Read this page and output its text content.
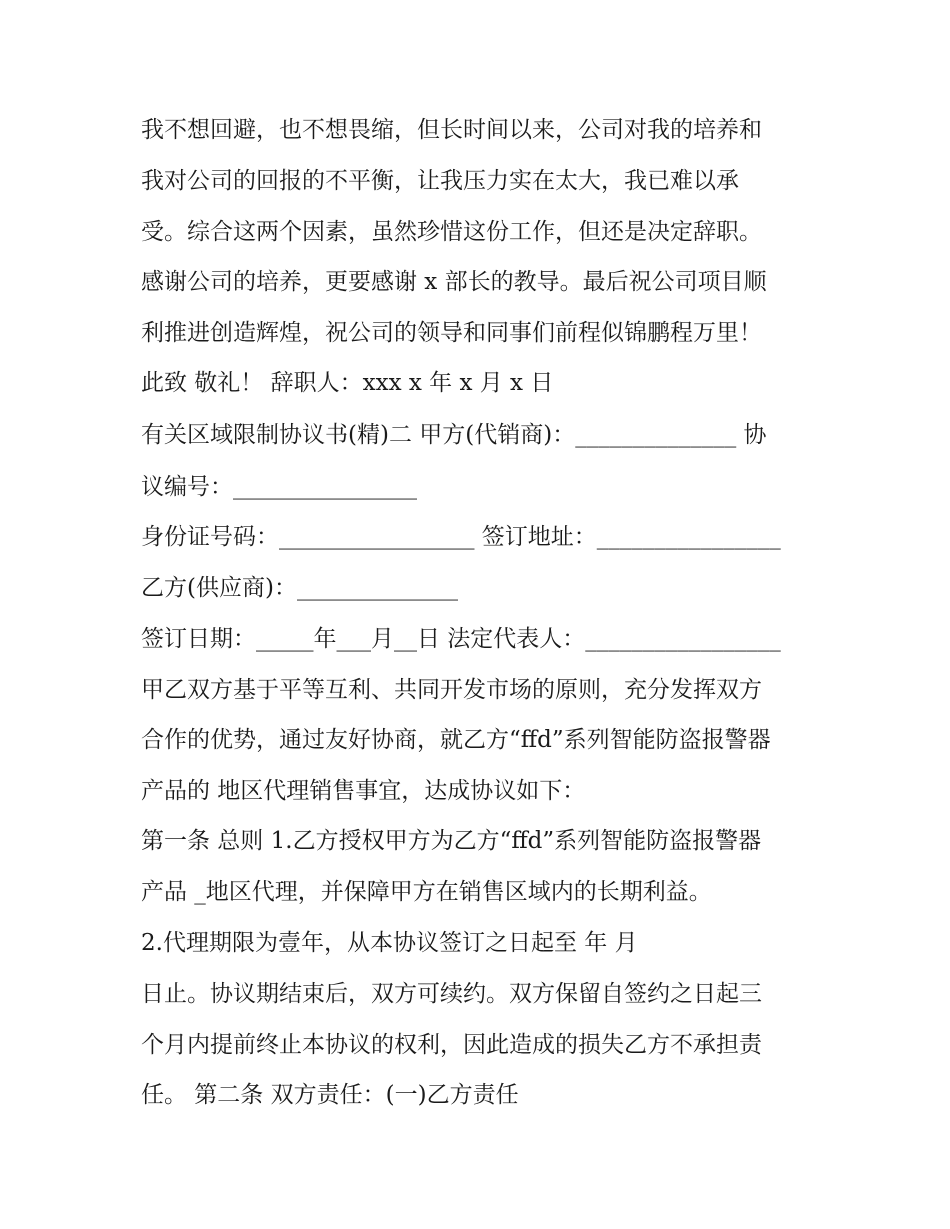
我不想回避，也不想畏缩，但长时间以来，公司对我的培养和
我对公司的回报的不平衡，让我压力实在太大，我已难以承
受。综合这两个因素，虽然珍惜这份工作，但还是决定辞职。
感谢公司的培养，更要感谢 x 部长的教导。最后祝公司项目顺
利推进创造辉煌，祝公司的领导和同事们前程似锦鹏程万里！
此致 敬礼！ 辞职人：xxx x 年 x 月 x 日
有关区域限制协议书(精)二 甲方(代销商)：______________ 协
议编号：________________
身份证号码：_________________ 签订地址：________________
乙方(供应商)：______________
签订日期：_____年___月__日 法定代表人：_________________
甲乙双方基于平等互利、共同开发市场的原则，充分发挥双方
合作的优势，通过友好协商，就乙方“ffd”系列智能防盗报警器
产品的 地区代理销售事宜，达成协议如下：
第一条 总则 1.乙方授权甲方为乙方“ffd”系列智能防盗报警器
产品 _地区代理，并保障甲方在销售区域内的长期利益。
2.代理期限为壹年，从本协议签订之日起至 年 月
日止。协议期结束后，双方可续约。双方保留自签约之日起三
个月内提前终止本协议的权利，因此造成的损失乙方不承担责
任。 第二条 双方责任：(一)乙方责任
